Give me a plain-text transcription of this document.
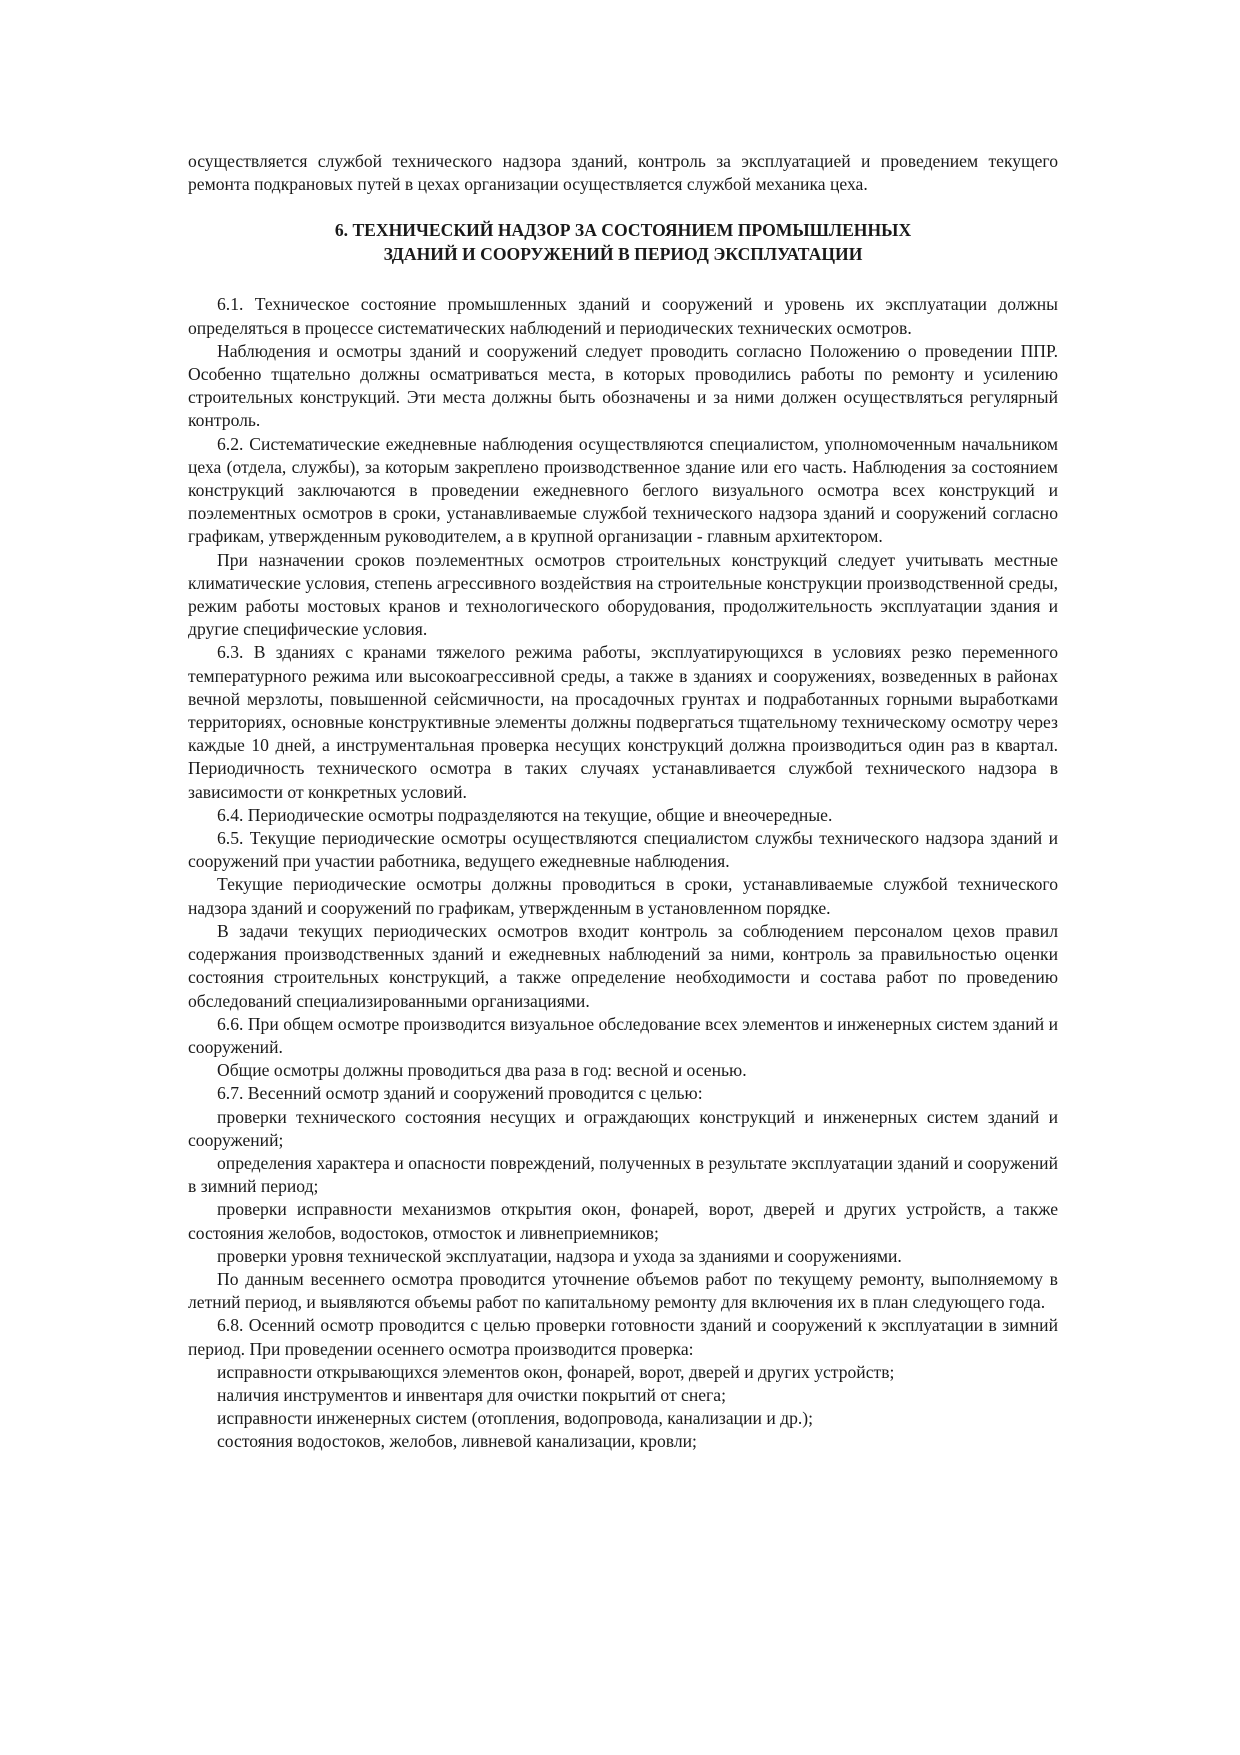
осуществляется службой технического надзора зданий, контроль за эксплуатацией и проведением текущего ремонта подкрановых путей в цехах организации осуществляется службой механика цеха.

6. ТЕХНИЧЕСКИЙ НАДЗОР ЗА СОСТОЯНИЕМ ПРОМЫШЛЕННЫХ
ЗДАНИЙ И СООРУЖЕНИЙ В ПЕРИОД ЭКСПЛУАТАЦИИ

6.1. Техническое состояние промышленных зданий и сооружений и уровень их эксплуатации должны определяться в процессе систематических наблюдений и периодических технических осмотров.

Наблюдения и осмотры зданий и сооружений следует проводить согласно Положению о проведении ППР. Особенно тщательно должны осматриваться места, в которых проводились работы по ремонту и усилению строительных конструкций. Эти места должны быть обозначены и за ними должен осуществляться регулярный контроль.

6.2. Систематические ежедневные наблюдения осуществляются специалистом, уполномоченным начальником цеха (отдела, службы), за которым закреплено производственное здание или его часть. Наблюдения за состоянием конструкций заключаются в проведении ежедневного беглого визуального осмотра всех конструкций и поэлементных осмотров в сроки, устанавливаемые службой технического надзора зданий и сооружений согласно графикам, утвержденным руководителем, а в крупной организации - главным архитектором.

При назначении сроков поэлементных осмотров строительных конструкций следует учитывать местные климатические условия, степень агрессивного воздействия на строительные конструкции производственной среды, режим работы мостовых кранов и технологического оборудования, продолжительность эксплуатации здания и другие специфические условия.

6.3. В зданиях с кранами тяжелого режима работы, эксплуатирующихся в условиях резко переменного температурного режима или высокоагрессивной среды, а также в зданиях и сооружениях, возведенных в районах вечной мерзлоты, повышенной сейсмичности, на просадочных грунтах и подработанных горными выработками территориях, основные конструктивные элементы должны подвергаться тщательному техническому осмотру через каждые 10 дней, а инструментальная проверка несущих конструкций должна производиться один раз в квартал. Периодичность технического осмотра в таких случаях устанавливается службой технического надзора в зависимости от конкретных условий.

6.4. Периодические осмотры подразделяются на текущие, общие и внеочередные.

6.5. Текущие периодические осмотры осуществляются специалистом службы технического надзора зданий и сооружений при участии работника, ведущего ежедневные наблюдения.

Текущие периодические осмотры должны проводиться в сроки, устанавливаемые службой технического надзора зданий и сооружений по графикам, утвержденным в установленном порядке.

В задачи текущих периодических осмотров входит контроль за соблюдением персоналом цехов правил содержания производственных зданий и ежедневных наблюдений за ними, контроль за правильностью оценки состояния строительных конструкций, а также определение необходимости и состава работ по проведению обследований специализированными организациями.

6.6. При общем осмотре производится визуальное обследование всех элементов и инженерных систем зданий и сооружений.

Общие осмотры должны проводиться два раза в год: весной и осенью.

6.7. Весенний осмотр зданий и сооружений проводится с целью:

проверки технического состояния несущих и ограждающих конструкций и инженерных систем зданий и сооружений;

определения характера и опасности повреждений, полученных в результате эксплуатации зданий и сооружений в зимний период;

проверки исправности механизмов открытия окон, фонарей, ворот, дверей и других устройств, а также состояния желобов, водостоков, отмосток и ливнеприемников;

проверки уровня технической эксплуатации, надзора и ухода за зданиями и сооружениями.

По данным весеннего осмотра проводится уточнение объемов работ по текущему ремонту, выполняемому в летний период, и выявляются объемы работ по капитальному ремонту для включения их в план следующего года.

6.8. Осенний осмотр проводится с целью проверки готовности зданий и сооружений к эксплуатации в зимний период. При проведении осеннего осмотра производится проверка:

исправности открывающихся элементов окон, фонарей, ворот, дверей и других устройств;

наличия инструментов и инвентаря для очистки покрытий от снега;

исправности инженерных систем (отопления, водопровода, канализации и др.);

состояния водостоков, желобов, ливневой канализации, кровли;
